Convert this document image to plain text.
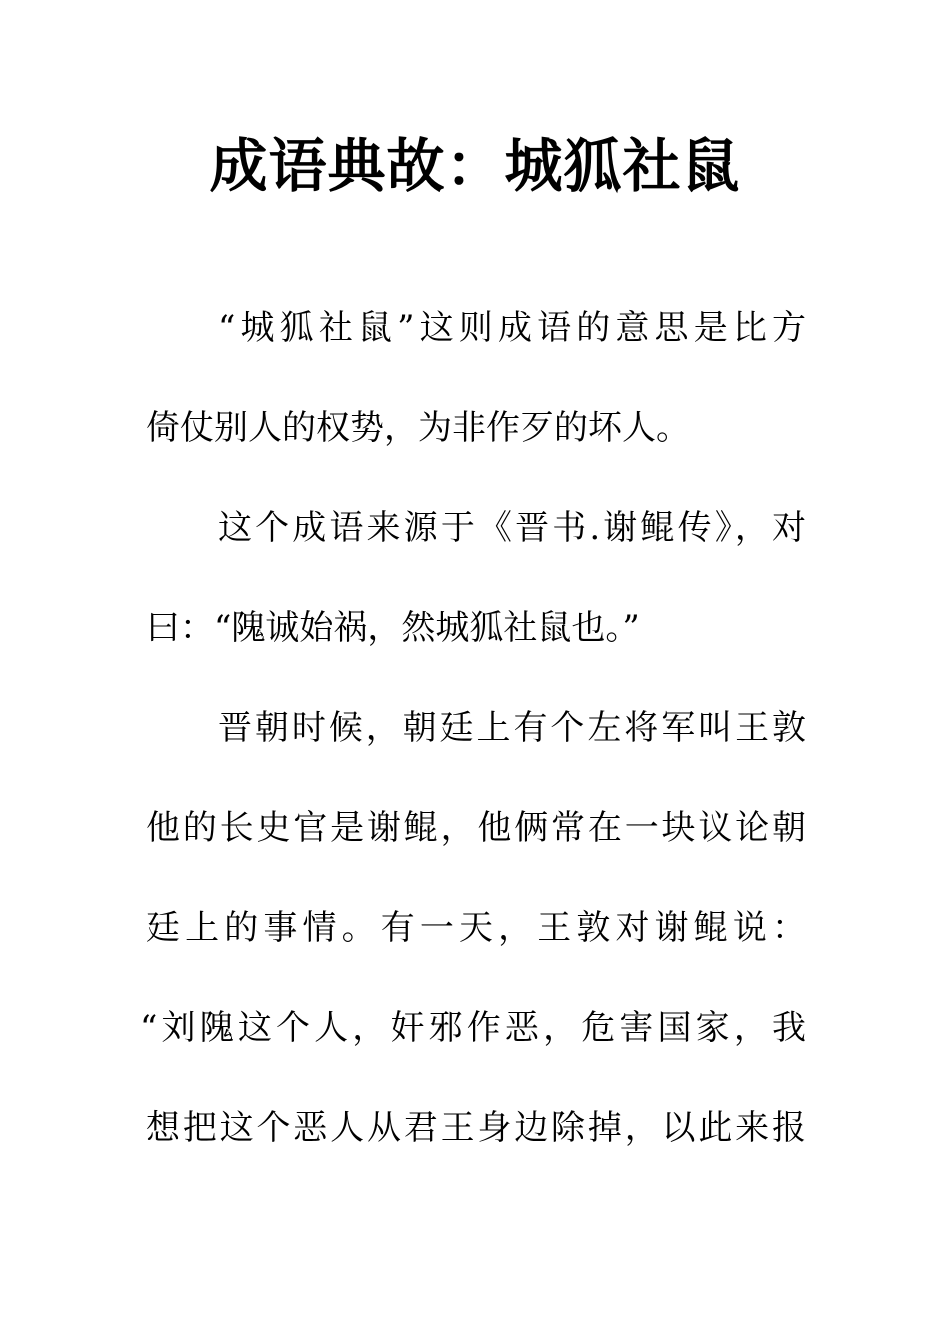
成语典故：城狐社鼠
“城狐社鼠”这则成语的意思是比方
倚仗别人的权势，为非作歹的坏人。
这个成语来源于《晋书.谢鲲传》，对
曰：“隗诚始祸，然城狐社鼠也。”
晋朝时候，朝廷上有个左将军叫王敦
他的长史官是谢鲲，他俩常在一块议论朝
廷上的事情。有一天，王敦对谢鲲说：
“刘隗这个人，奸邪作恶，危害国家，我
想把这个恶人从君王身边除掉，以此来报
